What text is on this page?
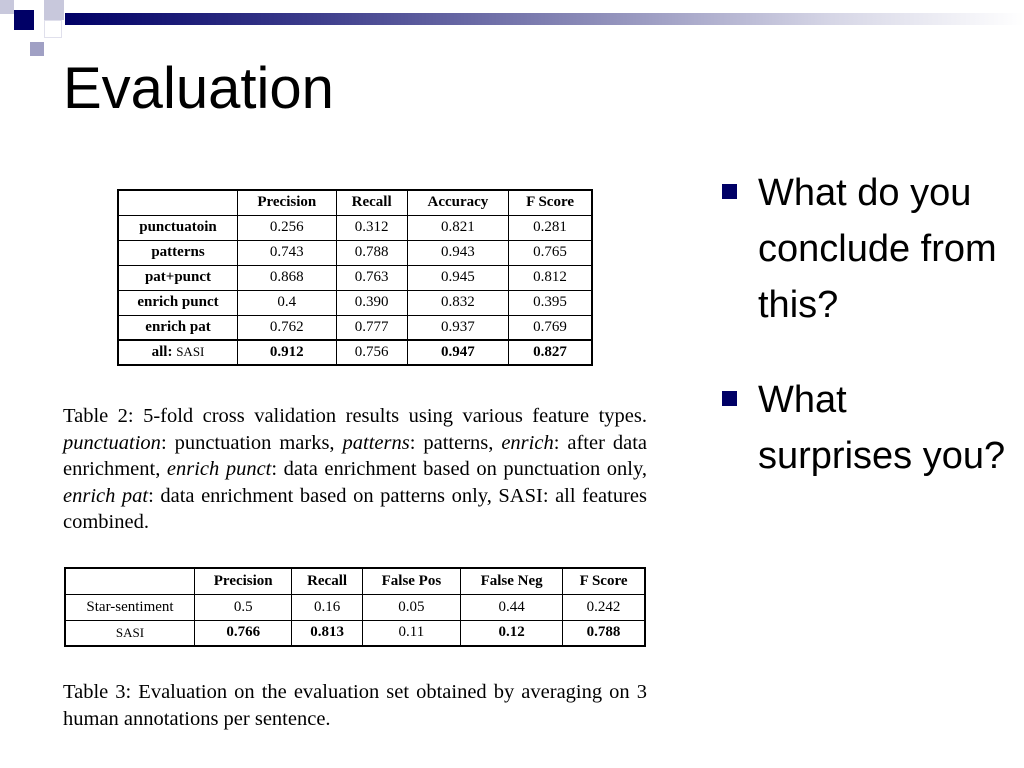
Evaluation
	Precision	Recall	Accuracy	F Score
punctuatoin	0.256	0.312	0.821	0.281
patterns	0.743	0.788	0.943	0.765
pat+punct	0.868	0.763	0.945	0.812
enrich punct	0.4	0.390	0.832	0.395
enrich pat	0.762	0.777	0.937	0.769
all: SASI	0.912	0.756	0.947	0.827
Table 2: 5-fold cross validation results using various feature types. punctuation: punctuation marks, patterns: patterns, enrich: after data enrichment, enrich punct: data enrichment based on punctuation only, enrich pat: data enrichment based on patterns only, SASI: all features combined.
	Precision	Recall	False Pos	False Neg	F Score
Star-sentiment	0.5	0.16	0.05	0.44	0.242
SASI	0.766	0.813	0.11	0.12	0.788
Table 3: Evaluation on the evaluation set obtained by averaging on 3 human annotations per sentence.
What do you conclude from this?
What surprises you?
